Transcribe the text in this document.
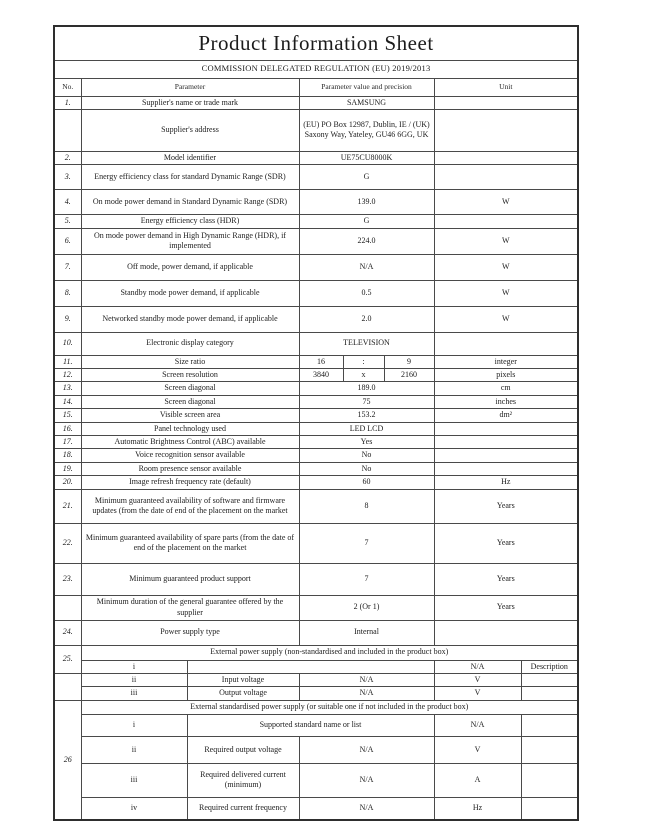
Product Information Sheet							
COMMISSION DELEGATED REGULATION (EU) 2019/2013							
No.	Parameter		Parameter value and precision			Unit	
1.	Supplier's name or trade mark		SAMSUNG				
	Supplier's address		(EU) PO Box 12987, Dublin, IE / (UK) Saxony Way, Yateley, GU46 6GG, UK				
2.	Model identifier		UE75CU8000K				
3.	Energy efficiency class for standard Dynamic Range (SDR)		G				
4.	On mode power demand in Standard Dynamic Range (SDR)		139.0			W	
5.	Energy efficiency class (HDR)		G				
6.	On mode power demand in High Dynamic Range (HDR), if implemented		224.0			W	
7.	Off mode, power demand, if applicable		N/A			W	
8.	Standby mode power demand, if applicable		0.5			W	
9.	Networked standby mode power demand, if applicable		2.0			W	
10.	Electronic display category		TELEVISION				
11.	Size ratio		16	:	9	integer	
12.	Screen resolution		3840	x	2160	pixels	
13.	Screen diagonal		189.0			cm	
14.	Screen diagonal		75			inches	
15.	Visible screen area		153.2			dm²	
16.	Panel technology used		LED LCD				
17.	Automatic Brightness Control (ABC) available		Yes				
18.	Voice recognition sensor available		No				
19.	Room presence sensor available		No				
20.	Image refresh frequency rate (default)		60			Hz	
21.	Minimum guaranteed availability of software and firmware updates (from the date of end of the placement on the market		8			Years	
22.	Minimum guaranteed availability of spare parts (from the date of end of the placement on the market		7			Years	
23.	Minimum guaranteed product support		7			Years	
	Minimum duration of the general guarantee offered by the supplier		2 (Or 1)			Years	
24.	Power supply type		Internal				
25.	External power supply (non-standardised and included in the product box)						
	i					N/A	Description
	ii	Input voltage	N/A			V	
	iii	Output voltage	N/A			V	
26	External standardised power supply (or suitable one if not included in the product box)						
	i	Supported standard name or list				N/A	
	ii	Required output voltage	N/A			V	
	iii	Required delivered current (minimum)	N/A			A	
	iv	Required current frequency	N/A			Hz	
